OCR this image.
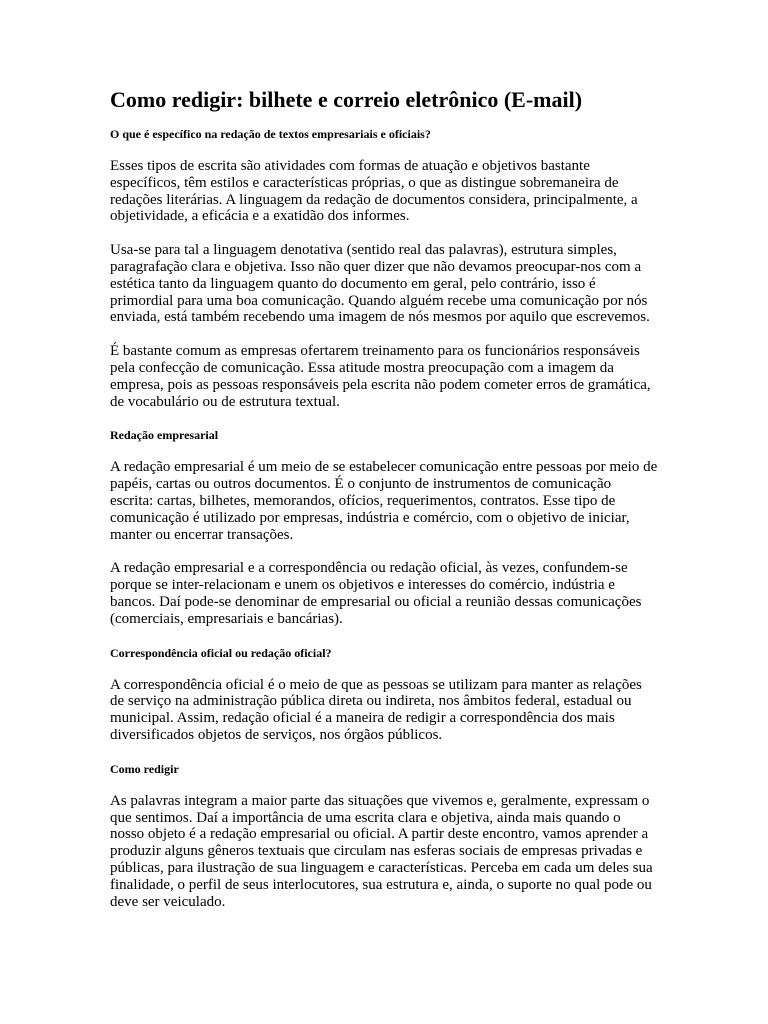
Como redigir: bilhete e correio eletrônico (E-mail)
O que é específico na redação de textos empresariais e oficiais?

Esses tipos de escrita são atividades com formas de atuação e objetivos bastante específicos, têm estilos e características próprias, o que as distingue sobremaneira de redações literárias. A linguagem da redação de documentos considera, principalmente, a objetividade, a eficácia e a exatidão dos informes.

Usa-se para tal a linguagem denotativa (sentido real das palavras), estrutura simples, paragrafação clara e objetiva. Isso não quer dizer que não devamos preocupar-nos com a estética tanto da linguagem quanto do documento em geral, pelo contrário, isso é primordial para uma boa comunicação. Quando alguém recebe uma comunicação por nós enviada, está também recebendo uma imagem de nós mesmos por aquilo que escrevemos.

É bastante comum as empresas ofertarem treinamento para os funcionários responsáveis pela confecção de comunicação. Essa atitude mostra preocupação com a imagem da empresa, pois as pessoas responsáveis pela escrita não podem cometer erros de gramática, de vocabulário ou de estrutura textual.

Redação empresarial

A redação empresarial é um meio de se estabelecer comunicação entre pessoas por meio de papéis, cartas ou outros documentos. É o conjunto de instrumentos de comunicação escrita: cartas, bilhetes, memorandos, ofícios, requerimentos, contratos. Esse tipo de comunicação é utilizado por empresas, indústria e comércio, com o objetivo de iniciar, manter ou encerrar transações.

A redação empresarial e a correspondência ou redação oficial, às vezes, confundem-se porque se inter-relacionam e unem os objetivos e interesses do comércio, indústria e bancos. Daí pode-se denominar de empresarial ou oficial a reunião dessas comunicações (comerciais, empresariais e bancárias).

Correspondência oficial ou redação oficial?

A correspondência oficial é o meio de que as pessoas se utilizam para manter as relações de serviço na administração pública direta ou indireta, nos âmbitos federal, estadual ou municipal. Assim, redação oficial é a maneira de redigir a correspondência dos mais diversificados objetos de serviços, nos órgãos públicos.

Como redigir

As palavras integram a maior parte das situações que vivemos e, geralmente, expressam o que sentimos. Daí a importância de uma escrita clara e objetiva, ainda mais quando o nosso objeto é a redação empresarial ou oficial. A partir deste encontro, vamos aprender a produzir alguns gêneros textuais que circulam nas esferas sociais de empresas privadas e públicas, para ilustração de sua linguagem e características. Perceba em cada um deles sua finalidade, o perfil de seus interlocutores, sua estrutura e, ainda, o suporte no qual pode ou deve ser veiculado.
